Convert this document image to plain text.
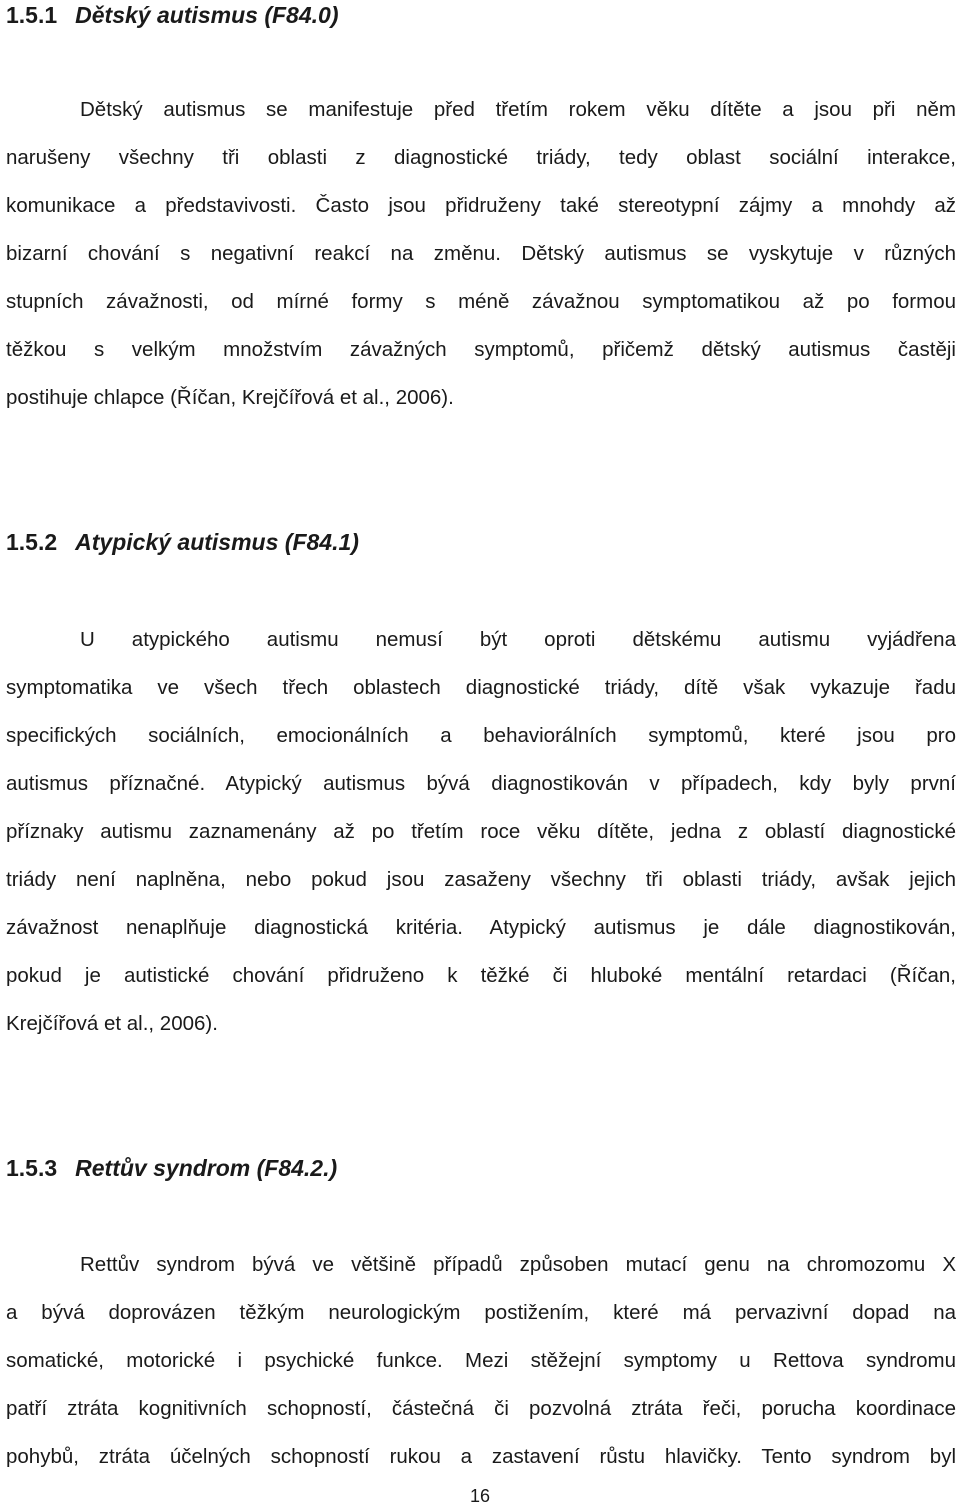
1.5.1 Dětský autismus (F84.0)
Dětský autismus se manifestuje před třetím rokem věku dítěte a jsou při něm
narušeny všechny tři oblasti z diagnostické triády, tedy oblast sociální interakce,
komunikace a představivosti. Často jsou přidruženy také stereotypní zájmy a mnohdy až
bizarní chování s negativní reakcí na změnu. Dětský autismus se vyskytuje v různých
stupních závažnosti, od mírné formy s méně závažnou symptomatikou až po formou
těžkou s velkým množstvím závažných symptomů, přičemž dětský autismus častěji
postihuje chlapce (Říčan, Krejčířová et al., 2006).
1.5.2 Atypický autismus (F84.1)
U atypického autismu nemusí být oproti dětskému autismu vyjádřena
symptomatika ve všech třech oblastech diagnostické triády, dítě však vykazuje řadu
specifických sociálních, emocionálních a behaviorálních symptomů, které jsou pro
autismus příznačné. Atypický autismus bývá diagnostikován v případech, kdy byly první
příznaky autismu zaznamenány až po třetím roce věku dítěte, jedna z oblastí diagnostické
triády není naplněna, nebo pokud jsou zasaženy všechny tři oblasti triády, avšak jejich
závažnost nenaplňuje diagnostická kritéria. Atypický autismus je dále diagnostikován,
pokud je autistické chování přidruženo k těžké či hluboké mentální retardaci (Říčan,
Krejčířová et al., 2006).
1.5.3 Rettův syndrom (F84.2.)
Rettův syndrom bývá ve většině případů způsoben mutací genu na chromozomu X
a bývá doprovázen těžkým neurologickým postižením, které má pervazivní dopad na
somatické, motorické i psychické funkce. Mezi stěžejní symptomy u Rettova syndromu
patří ztráta kognitivních schopností, částečná či pozvolná ztráta řeči, porucha koordinace
pohybů, ztráta účelných schopností rukou a zastavení růstu hlavičky. Tento syndrom byl
16
